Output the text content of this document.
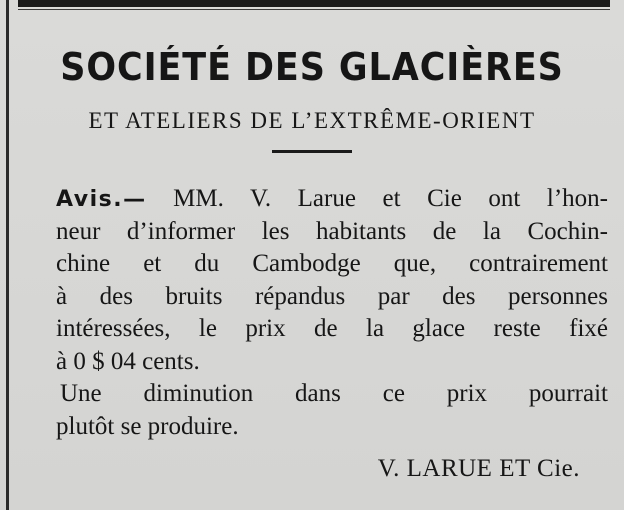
SOCIÉTÉ DES GLACIÈRES
ET ATELIERS DE L’EXTRÊME-ORIENT
Avis.— MM. V. Larue et Cie ont l’hon-
neur d’informer les habitants de la Cochin-
chine et du Cambodge que, contrairement
à des bruits répandus par des personnes
intéressées, le prix de la glace reste fixé
à 0 $ 04 cents.
Une diminution dans ce prix pourrait
plutôt se produire.
V. LARUE ET Cie.
